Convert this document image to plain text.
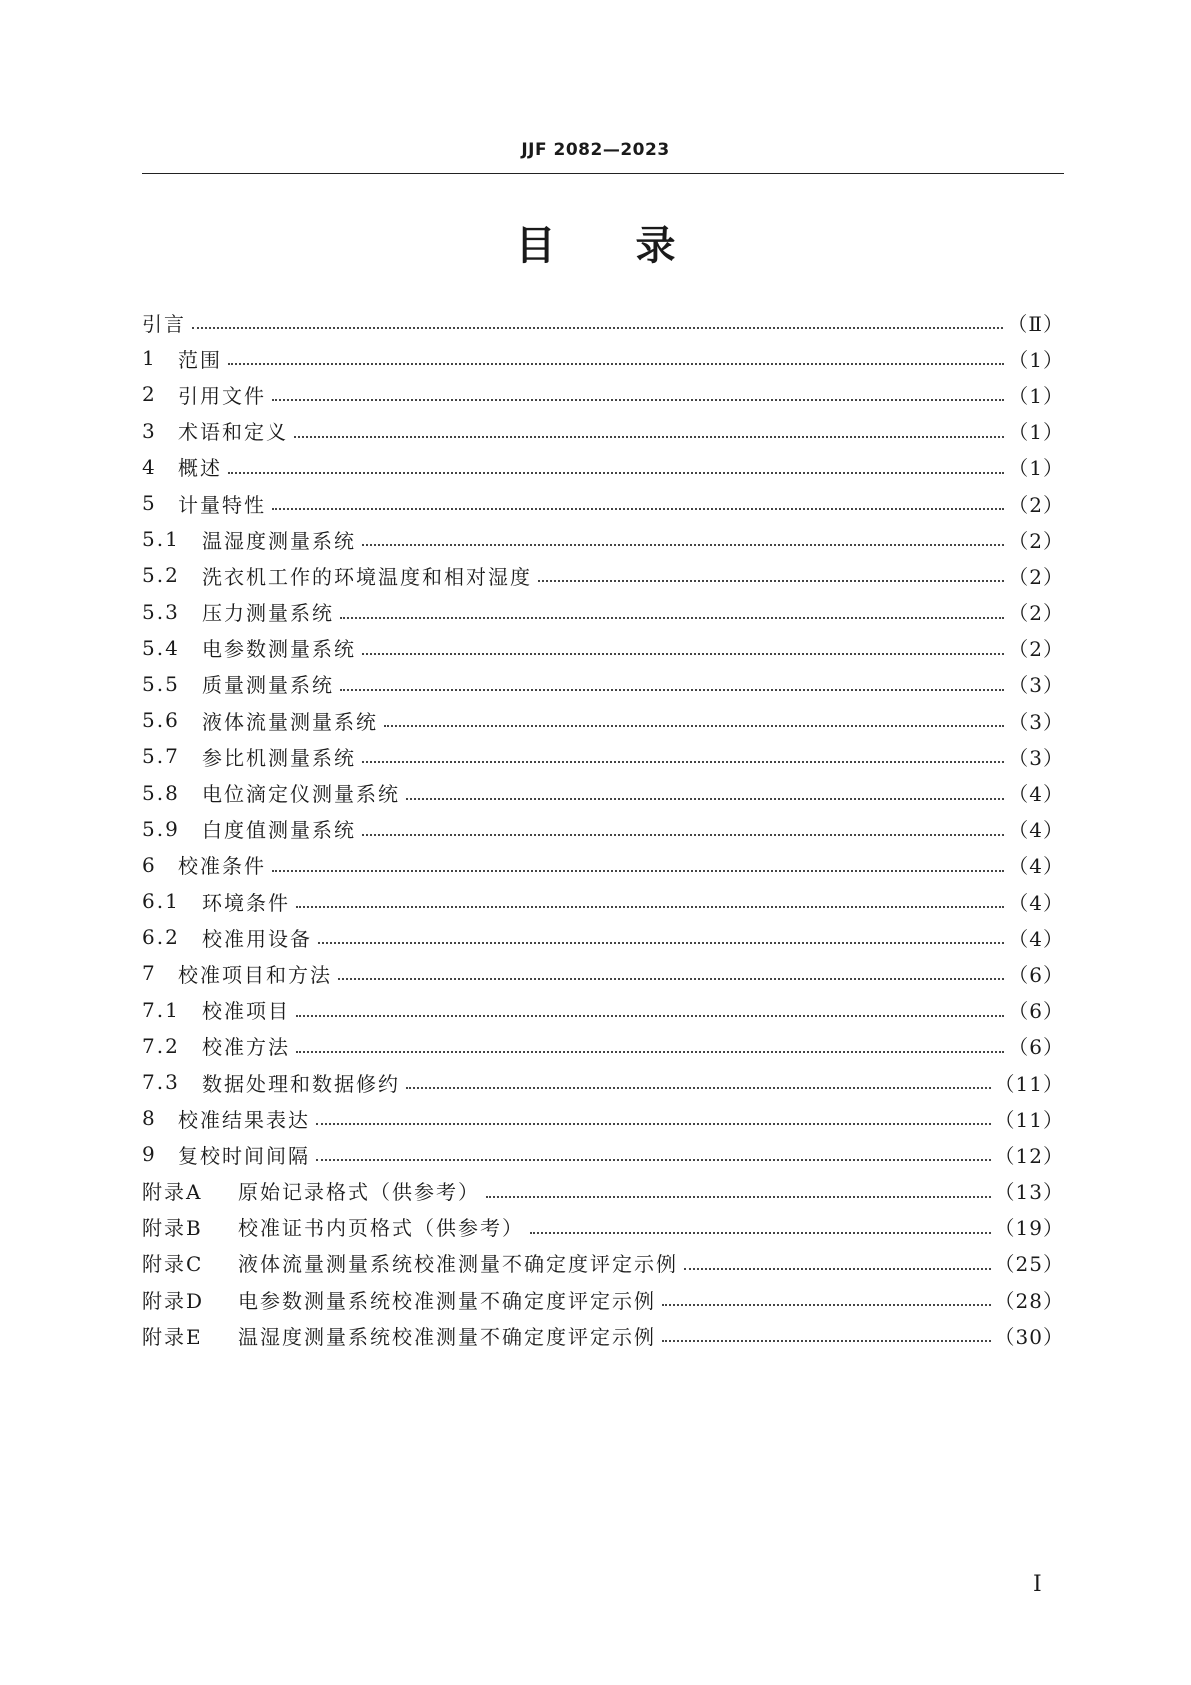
JJF 2082—2023
目 录
引言	（Ⅱ）
1	范围	（1）
2	引用文件	（1）
3	术语和定义	（1）
4	概述	（1）
5	计量特性	（2）
5.1	温湿度测量系统	（2）
5.2	洗衣机工作的环境温度和相对湿度	（2）
5.3	压力测量系统	（2）
5.4	电参数测量系统	（2）
5.5	质量测量系统	（3）
5.6	液体流量测量系统	（3）
5.7	参比机测量系统	（3）
5.8	电位滴定仪测量系统	（4）
5.9	白度值测量系统	（4）
6	校准条件	（4）
6.1	环境条件	（4）
6.2	校准用设备	（4）
7	校准项目和方法	（6）
7.1	校准项目	（6）
7.2	校准方法	（6）
7.3	数据处理和数据修约	（11）
8	校准结果表达	（11）
9	复校时间间隔	（12）
附录A	原始记录格式（供参考）	（13）
附录B	校准证书内页格式（供参考）	（19）
附录C	液体流量测量系统校准测量不确定度评定示例	（25）
附录D	电参数测量系统校准测量不确定度评定示例	（28）
附录E	温湿度测量系统校准测量不确定度评定示例	（30）
I
